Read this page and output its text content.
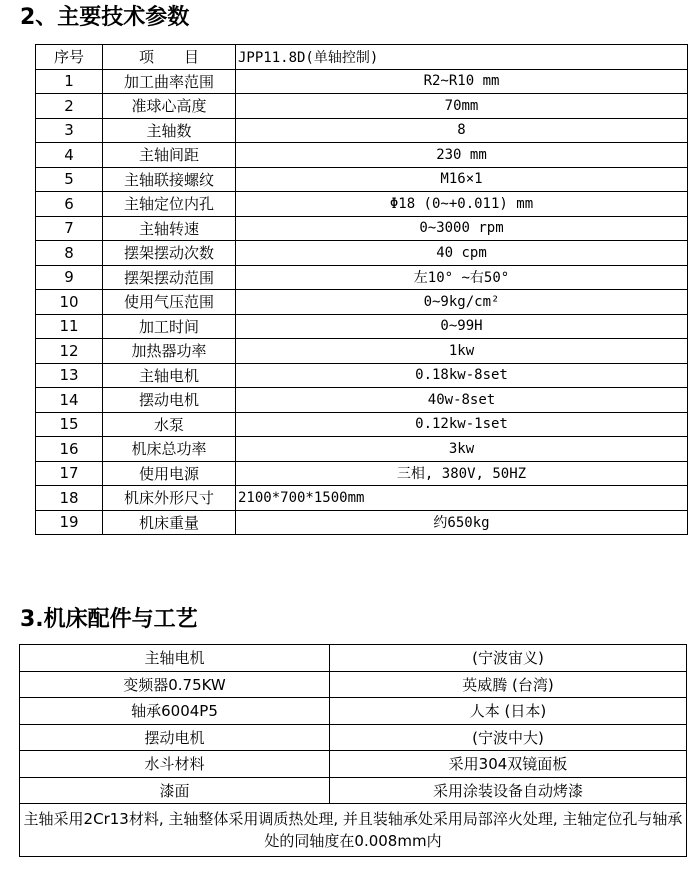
2、主要技术参数
序号	项　　目	JPP11.8D(单轴控制)
1	加工曲率范围	R2~R10 mm
2	准球心高度	70mm
3	主轴数	8
4	主轴间距	230 mm
5	主轴联接螺纹	M16×1
6	主轴定位内孔	Φ18 (0~+0.011) mm
7	主轴转速	0~3000 rpm
8	摆架摆动次数	40 cpm
9	摆架摆动范围	左10° ~右50°
10	使用气压范围	0~9kg/cm²
11	加工时间	0~99H
12	加热器功率	1kw
13	主轴电机	0.18kw-8set
14	摆动电机	40w-8set
15	水泵	0.12kw-1set
16	机床总功率	3kw
17	使用电源	三相, 380V, 50HZ
18	机床外形尺寸	2100*700*1500mm
19	机床重量	约650kg
3.机床配件与工艺
主轴电机	(宁波宙义)
变频器0.75KW	英威腾 (台湾)
轴承6004P5	人本 (日本)
摆动电机	(宁波中大)
水斗材料	采用304双镜面板
漆面	采用涂装设备自动烤漆
主轴采用2Cr13材料, 主轴整体采用调质热处理, 并且装轴承处采用局部淬火处理, 主轴定位孔与轴承处的同轴度在0.008mm内	
